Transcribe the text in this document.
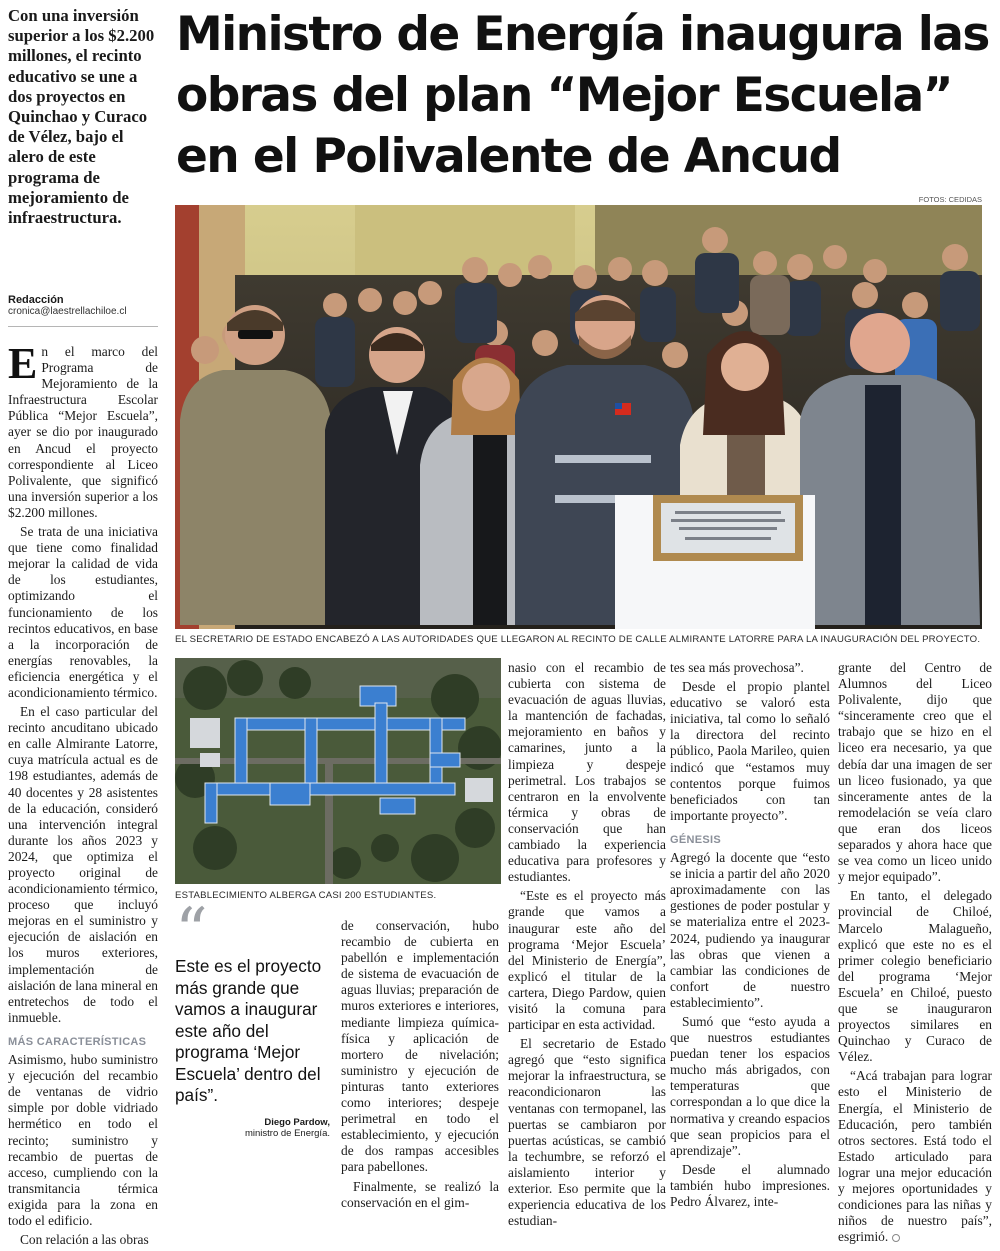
Ministro de Energía inaugura las obras del plan “Mejor Escuela” en el Polivalente de Ancud
Con una inversión superior a los $2.200 millones, el recinto educativo se une a dos proyectos en Quinchao y Curaco de Vélez, bajo el alero de este programa de mejoramiento de infraestructura.
Redacción
cronica@laestrellachiloe.cl
FOTOS: CEDIDAS
EL SECRETARIO DE ESTADO ENCABEZÓ A LAS AUTORIDADES QUE LLEGARON AL RECINTO DE CALLE ALMIRANTE LATORRE PARA LA INAUGURACIÓN DEL PROYECTO.
ESTABLECIMIENTO ALBERGA CASI 200 ESTUDIANTES.

En el marco del Programa de Mejoramiento de la Infraestructura Escolar Pública “Mejor Escuela”, ayer se dio por inaugurado en Ancud el proyecto correspondiente al Liceo Polivalente, que significó una inversión superior a los $2.200 millones.

Se trata de una iniciativa que tiene como finalidad mejorar la calidad de vida de los estudiantes, optimizando el funcionamiento de los recintos educativos, en base a la incorporación de energías renovables, la eficiencia energética y el acondicionamiento térmico.

En el caso particular del recinto ancuditano ubicado en calle Almirante Latorre, cuya matrícula actual es de 198 estudiantes, además de 40 docentes y 28 asistentes de la educación, consideró una intervención integral durante los años 2023 y 2024, que optimiza el proyecto original de acondicionamiento térmico, proceso que incluyó mejoras en el suministro y ejecución de aislación en los muros exteriores, implementación de aislación de lana mineral en entretechos de todo el inmueble.

MÁS CARACTERÍSTICAS

Asimismo, hubo suministro y ejecución del recambio de ventanas de vidrio simple por doble vidriado hermético en todo el recinto; suministro y recambio de puertas de acceso, cumpliendo con la transmitancia térmica exigida para la zona en todo el edificio.

Con relación a las obras

“
Este es el proyecto más grande que vamos a inaugurar este año del programa ‘Mejor Escuela’ dentro del país”.
Diego Pardow,
ministro de Energía.

de conservación, hubo recambio de cubierta en pabellón e implementación de sistema de evacuación de aguas lluvias; preparación de muros exteriores e interiores, mediante limpieza química-física y aplicación de mortero de nivelación; suministro y ejecución de pinturas tanto exteriores como interiores; despeje perimetral en todo el establecimiento, y ejecución de dos rampas accesibles para pabellones.

Finalmente, se realizó la conservación en el gim-

nasio con el recambio de cubierta con sistema de evacuación de aguas lluvias, la mantención de fachadas, mejoramiento en baños y camarines, junto a la limpieza y despeje perimetral. Los trabajos se centraron en la envolvente térmica y obras de conservación que han cambiado la experiencia educativa para profesores y estudiantes.

“Este es el proyecto más grande que vamos a inaugurar este año del programa ‘Mejor Escuela’ del Ministerio de Energía”, explicó el titular de la cartera, Diego Pardow, quien visitó la comuna para participar en esta actividad.

El secretario de Estado agregó que “esto significa mejorar la infraestructura, se reacondicionaron las ventanas con termopanel, las puertas se cambiaron por puertas acústicas, se cambió la techumbre, se reforzó el aislamiento interior y exterior. Eso permite que la experiencia educativa de los estudian-

tes sea más provechosa”.

Desde el propio plantel educativo se valoró esta iniciativa, tal como lo señaló la directora del recinto público, Paola Marileo, quien indicó que “estamos muy contentos porque fuimos beneficiados con tan importante proyecto”.

GÉNESIS

Agregó la docente que “esto se inicia a partir del año 2020 aproximadamente con las gestiones de poder postular y se materializa entre el 2023-2024, pudiendo ya inaugurar las obras que vienen a cambiar las condiciones de confort de nuestro establecimiento”.

Sumó que “esto ayuda a que nuestros estudiantes puedan tener los espacios mucho más abrigados, con temperaturas que correspondan a lo que dice la normativa y creando espacios que sean propicios para el aprendizaje”.

Desde el alumnado también hubo impresiones. Pedro Álvarez, inte-

grante del Centro de Alumnos del Liceo Polivalente, dijo que “sinceramente creo que el trabajo que se hizo en el liceo era necesario, ya que debía dar una imagen de ser un liceo fusionado, ya que sinceramente antes de la remodelación se veía claro que eran dos liceos separados y ahora hace que se vea como un liceo unido y mejor equipado”.

En tanto, el delegado provincial de Chiloé, Marcelo Malagueño, explicó que este no es el primer colegio beneficiario del programa ‘Mejor Escuela’ en Chiloé, puesto que se inauguraron proyectos similares en Quinchao y Curaco de Vélez.

“Acá trabajan para lograr esto el Ministerio de Energía, el Ministerio de Educación, pero también otros sectores. Está todo el Estado articulado para lograr una mejor educación y mejores oportunidades y condiciones para las niñas y niños de nuestro país”, esgrimió.
